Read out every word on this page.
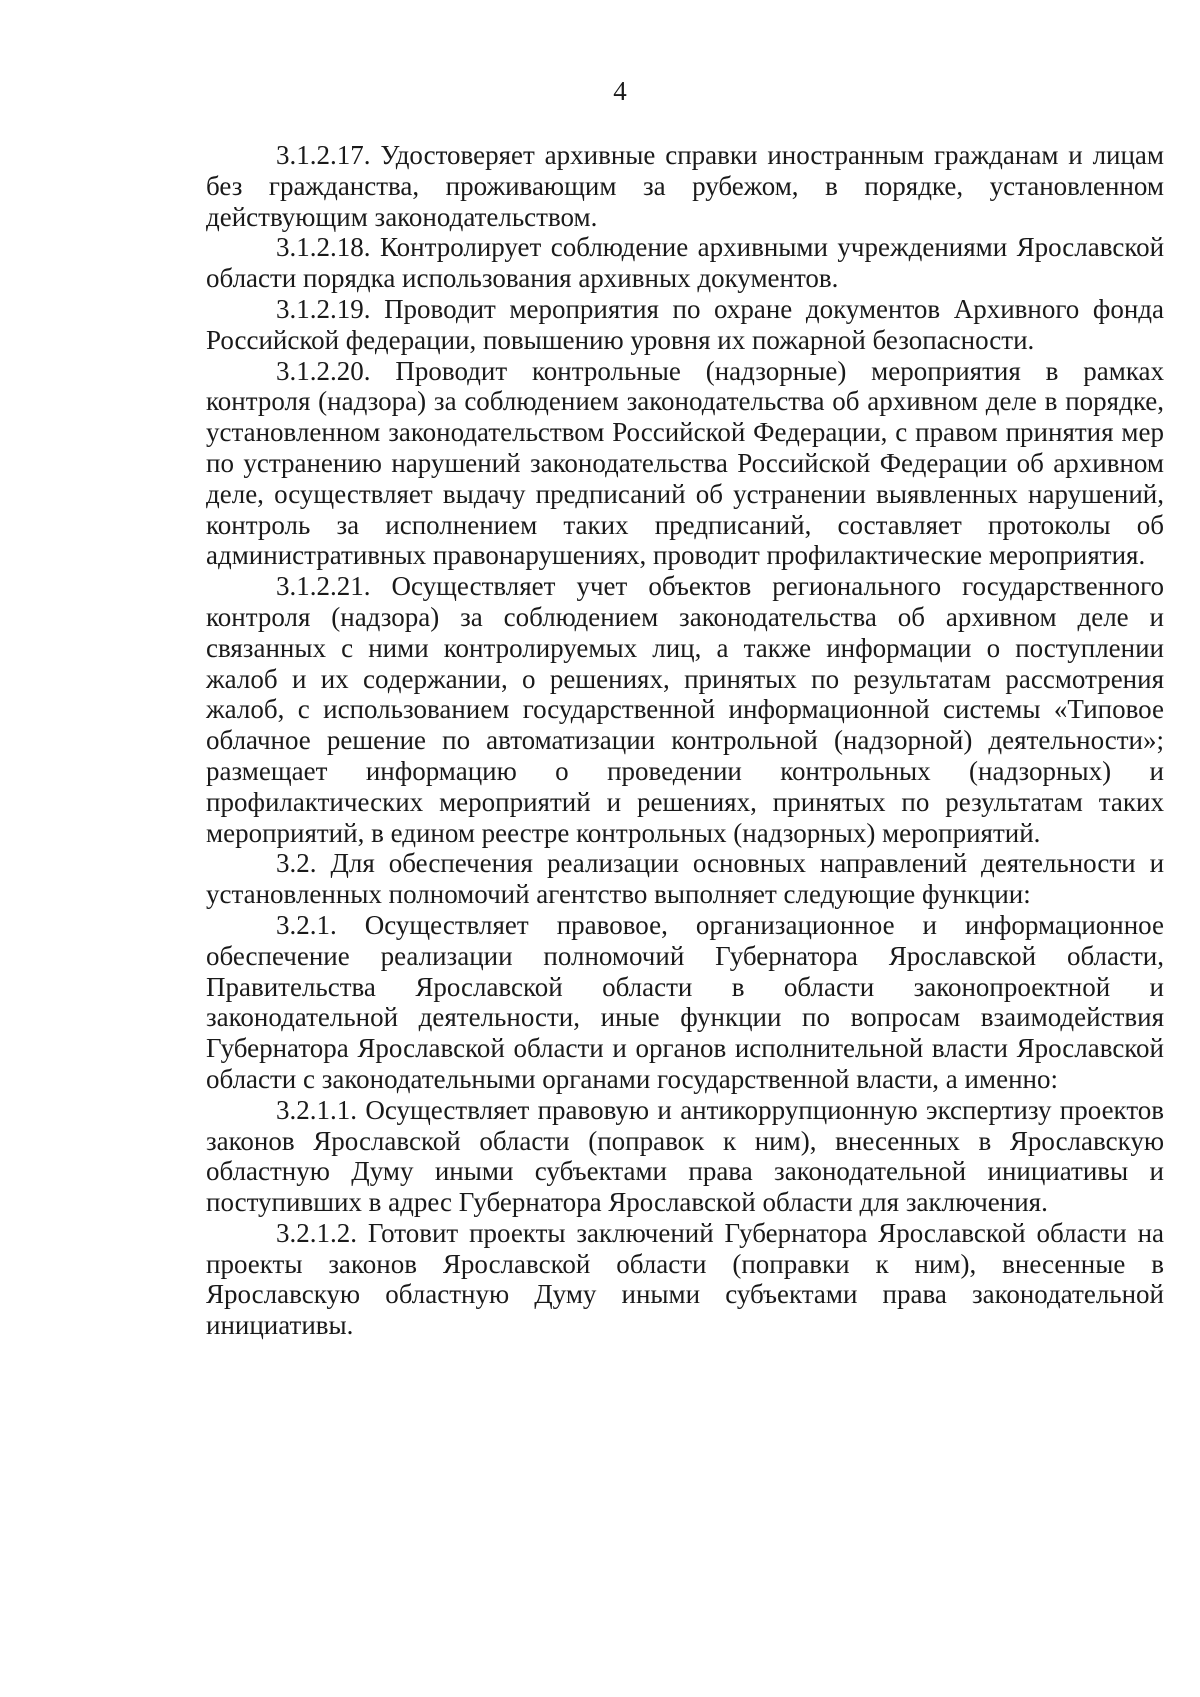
4

3.1.2.17. Удостоверяет архивные справки иностранным гражданам и лицам без гражданства, проживающим за рубежом, в порядке, установленном действующим законодательством.

3.1.2.18. Контролирует соблюдение архивными учреждениями Ярославской области порядка использования архивных документов.

3.1.2.19. Проводит мероприятия по охране документов Архивного фонда Российской федерации, повышению уровня их пожарной безопасности.

3.1.2.20. Проводит контрольные (надзорные) мероприятия в рамках контроля (надзора) за соблюдением законодательства об архивном деле в порядке, установленном законодательством Российской Федерации, с правом принятия мер по устранению нарушений законодательства Российской Федерации об архивном деле, осуществляет выдачу предписаний об устранении выявленных нарушений, контроль за исполнением таких предписаний, составляет протоколы об административных правонарушениях, проводит профилактические мероприятия.

3.1.2.21. Осуществляет учет объектов регионального государственного контроля (надзора) за соблюдением законодательства об архивном деле и связанных с ними контролируемых лиц, а также информации о поступлении жалоб и их содержании, о решениях, принятых по результатам рассмотрения жалоб, с использованием государственной информационной системы «Типовое облачное решение по автоматизации контрольной (надзорной) деятельности»; размещает информацию о проведении контрольных (надзорных) и профилактических мероприятий и решениях, принятых по результатам таких мероприятий, в едином реестре контрольных (надзорных) мероприятий.

3.2. Для обеспечения реализации основных направлений деятельности и установленных полномочий агентство выполняет следующие функции:

3.2.1. Осуществляет правовое, организационное и информационное обеспечение реализации полномочий Губернатора Ярославской области, Правительства Ярославской области в области законопроектной и законодательной деятельности, иные функции по вопросам взаимодействия Губернатора Ярославской области и органов исполнительной власти Ярославской области с законодательными органами государственной власти, а именно:

3.2.1.1. Осуществляет правовую и антикоррупционную экспертизу проектов законов Ярославской области (поправок к ним), внесенных в Ярославскую областную Думу иными субъектами права законодательной инициативы и поступивших в адрес Губернатора Ярославской области для заключения.

3.2.1.2. Готовит проекты заключений Губернатора Ярославской области на проекты законов Ярославской области (поправки к ним), внесенные в Ярославскую областную Думу иными субъектами права законодательной инициативы.
